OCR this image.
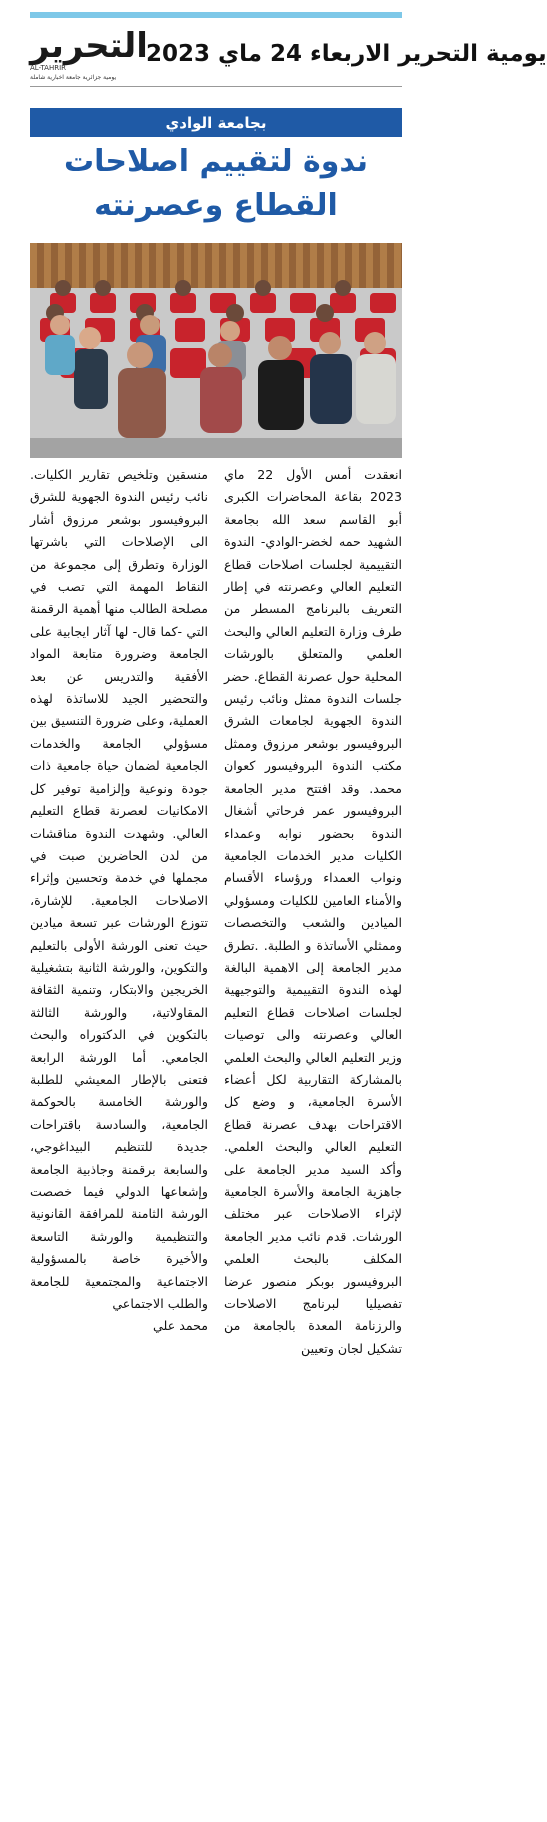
التحرير
AL-TAHRIR
يومية جزائرية جامعة اخبارية شاملة
يومية التحرير الاربعاء 24 ماي 2023
بجامعة الوادي
ندوة لتقييم اصلاحات القطاع وعصرنته

انعقدت أمس الأول 22 ماي 2023 بقاعة المحاضرات الكبرى أبو القاسم سعد الله بجامعة الشهيد حمه لخضر-الوادي- الندوة التقييمية لجلسات اصلاحات قطاع التعليم العالي وعصرنته في إطار التعريف بالبرنامج المسطر من طرف وزارة التعليم العالي والبحث العلمي والمتعلق بالورشات المحلية حول عصرنة القطاع. حضر جلسات الندوة ممثل ونائب رئيس الندوة الجهوية لجامعات الشرق البروفيسور بوشعر مرزوق وممثل مكتب الندوة البروفيسور كعوان محمد. وقد افتتح مدير الجامعة البروفيسور عمر فرحاتي أشغال الندوة بحضور نوابه وعمداء الكليات مدير الخدمات الجامعية ونواب العمداء ورؤساء الأقسام والأمناء العامين للكليات ومسؤولي الميادين والشعب والتخصصات وممثلي الأساتذة و الطلبة. .تطرق مدير الجامعة إلى الاهمية البالغة لهذه الندوة التقييمية والتوجيهية لجلسات اصلاحات قطاع التعليم العالي وعصرنته والى توصيات وزير التعليم العالي والبحث العلمي بالمشاركة التقاربية لكل أعضاء الأسرة الجامعية، و وضع كل الاقتراحات بهدف عصرنة قطاع التعليم العالي والبحث العلمي. وأكد السيد مدير الجامعة على جاهزية الجامعة والأسرة الجامعية لإثراء الاصلاحات عبر مختلف الورشات. قدم نائب مدير الجامعة المكلف بالبحث العلمي البروفيسور بوبكر منصور عرضا تفصيليا لبرنامج الاصلاحات والرزنامة المعدة بالجامعة من تشكيل لجان وتعيين

منسقين وتلخيص تقارير الكليات. نائب رئيس الندوة الجهوية للشرق البروفيسور بوشعر مرزوق أشار الى الإصلاحات التي باشرتها الوزارة وتطرق إلى مجموعة من النقاط المهمة التي تصب في مصلحة الطالب منها أهمية الرقمنة التي -كما قال- لها آثار ايجابية على الجامعة وضرورة متابعة المواد الأفقية والتدريس عن بعد والتحضير الجيد للاساتذة لهذه العملية، وعلى ضرورة التنسيق بين مسؤولي الجامعة والخدمات الجامعية لضمان حياة جامعية ذات جودة ونوعية وإلزامية توفير كل الامكانيات لعصرنة قطاع التعليم العالي. وشهدت الندوة مناقشات من لدن الحاضرين صبت في مجملها في خدمة وتحسين وإثراء الاصلاحات الجامعية. للإشارة، تتوزع الورشات عبر تسعة ميادين حيث تعنى الورشة الأولى بالتعليم والتكوين، والورشة الثانية بتشغيلية الخريجين والابتكار، وتنمية الثقافة المقاولاتية، والورشة الثالثة بالتكوين في الدكتوراه والبحث الجامعي. أما الورشة الرابعة فتعنى بالإطار المعيشي للطلبة والورشة الخامسة بالحوكمة الجامعية، والسادسة باقتراحات جديدة للتنظيم البيداغوجي، والسابعة برقمنة وجاذبية الجامعة وإشعاعها الدولي فيما خصصت الورشة الثامنة للمرافقة القانونية والتنظيمية والورشة التاسعة والأخيرة خاصة بالمسؤولية الاجتماعية والمجتمعية للجامعة والطلب الاجتماعي

محمد علي
